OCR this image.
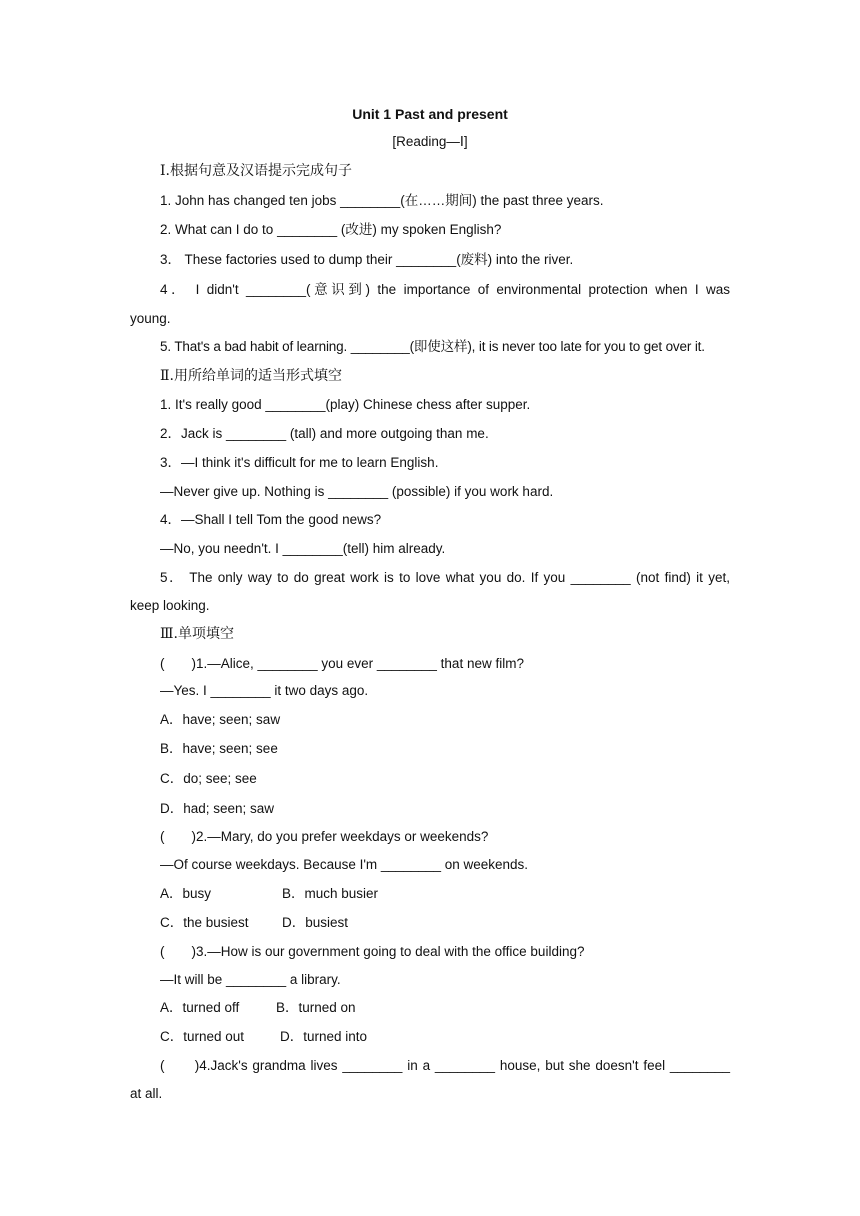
Unit 1 Past and present
[Reading—Ⅰ]
Ⅰ.根据句意及汉语提示完成句子
1. John has changed ten jobs ________(在……期间) the past three years.
2. What can I do to ________ (改进) my spoken English?
3． These factories used to dump their ________(废料) into the river.
4． I didn't ________(意识到) the importance of environmental protection when I was
young.
5. That's a bad habit of learning. ________(即使这样), it is never too late for you to get over it.
Ⅱ.用所给单词的适当形式填空
1. It's really good ________(play) Chinese chess after supper.
2．Jack is ________ (tall) and more outgoing than me.
3．—I think it's difficult for me to learn English.
—Never give up. Nothing is ________ (possible) if you work hard.
4．—Shall I tell Tom the good news?
—No, you needn't. I ________(tell) him already.
5． The only way to do great work is to love what you do. If you ________ (not find) it yet,
keep looking.
Ⅲ.单项填空
(　　)1.—Alice, ________ you ever ________ that new film?
—Yes. I ________ it two days ago.
A．have; seen; saw
B．have; seen; see
C．do; see; see
D．had; seen; saw
(　　)2.—Mary, do you prefer weekdays or weekends?
—Of course weekdays. Because I'm ________ on weekends.
A．busy	B．much busier
C．the busiest D．busiest
(　　)3.—How is our government going to deal with the office building?
—It will be ________ a library.
A．turned off	B．turned on
C．turned out	D．turned into
(　　)4.Jack's grandma lives ________ in a ________ house, but she doesn't feel ________
at all.
